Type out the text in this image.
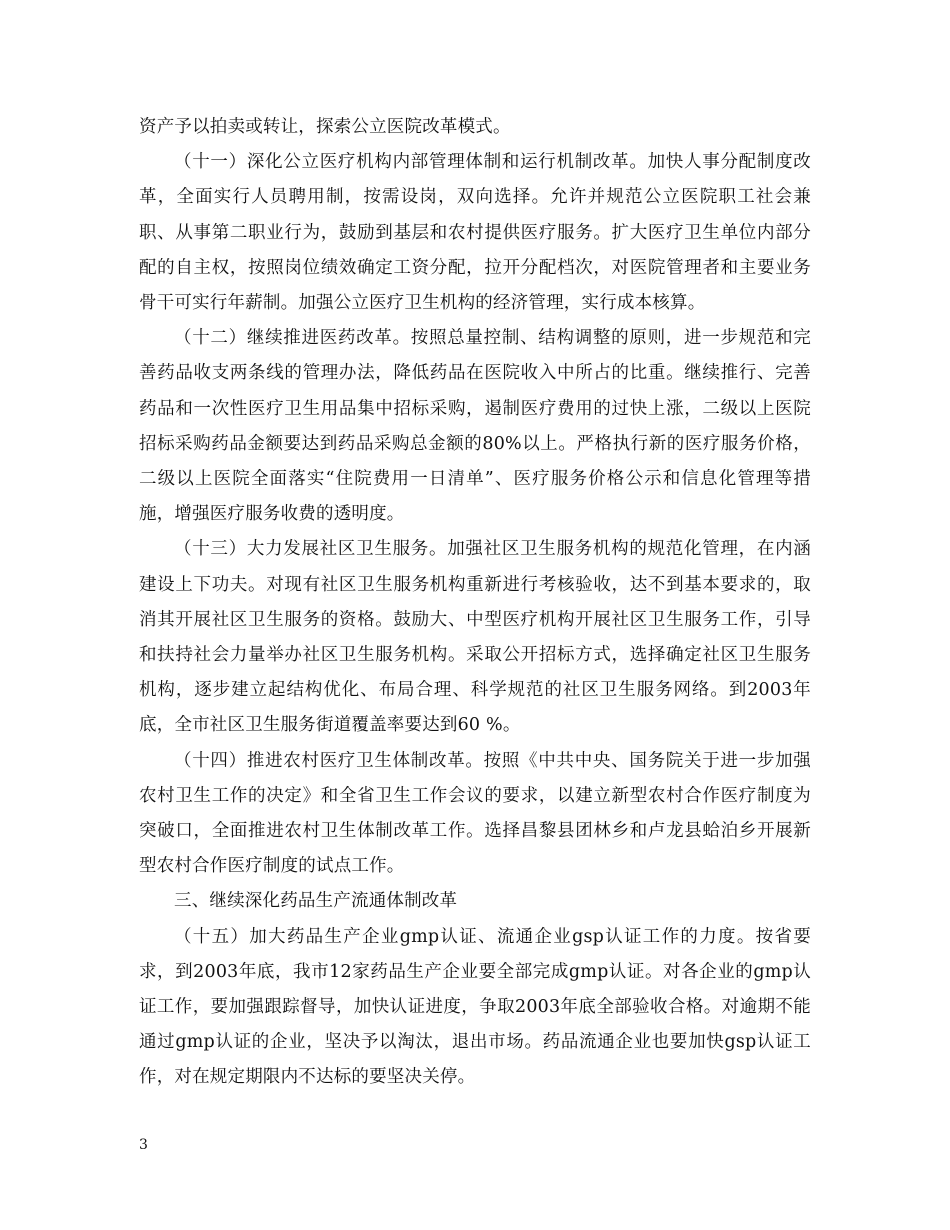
资产予以拍卖或转让，探索公立医院改革模式。

（十一）深化公立医疗机构内部管理体制和运行机制改革。加快人事分配制度改革，全面实行人员聘用制，按需设岗，双向选择。允许并规范公立医院职工社会兼职、从事第二职业行为，鼓励到基层和农村提供医疗服务。扩大医疗卫生单位内部分配的自主权，按照岗位绩效确定工资分配，拉开分配档次，对医院管理者和主要业务骨干可实行年薪制。加强公立医疗卫生机构的经济管理，实行成本核算。

（十二）继续推进医药改革。按照总量控制、结构调整的原则，进一步规范和完善药品收支两条线的管理办法，降低药品在医院收入中所占的比重。继续推行、完善药品和一次性医疗卫生用品集中招标采购，遏制医疗费用的过快上涨，二级以上医院招标采购药品金额要达到药品采购总金额的80%以上。严格执行新的医疗服务价格，二级以上医院全面落实“住院费用一日清单”、医疗服务价格公示和信息化管理等措施，增强医疗服务收费的透明度。

（十三）大力发展社区卫生服务。加强社区卫生服务机构的规范化管理，在内涵建设上下功夫。对现有社区卫生服务机构重新进行考核验收，达不到基本要求的，取消其开展社区卫生服务的资格。鼓励大、中型医疗机构开展社区卫生服务工作，引导和扶持社会力量举办社区卫生服务机构。采取公开招标方式，选择确定社区卫生服务机构，逐步建立起结构优化、布局合理、科学规范的社区卫生服务网络。到2003年底，全市社区卫生服务街道覆盖率要达到60 %。

（十四）推进农村医疗卫生体制改革。按照《中共中央、国务院关于进一步加强农村卫生工作的决定》和全省卫生工作会议的要求，以建立新型农村合作医疗制度为突破口，全面推进农村卫生体制改革工作。选择昌黎县团林乡和卢龙县蛤泊乡开展新型农村合作医疗制度的试点工作。

三、继续深化药品生产流通体制改革

（十五）加大药品生产企业gmp认证、流通企业gsp认证工作的力度。按省要求，到2003年底，我市12家药品生产企业要全部完成gmp认证。对各企业的gmp认证工作，要加强跟踪督导，加快认证进度，争取2003年底全部验收合格。对逾期不能通过gmp认证的企业，坚决予以淘汰，退出市场。药品流通企业也要加快gsp认证工作，对在规定期限内不达标的要坚决关停。

3
